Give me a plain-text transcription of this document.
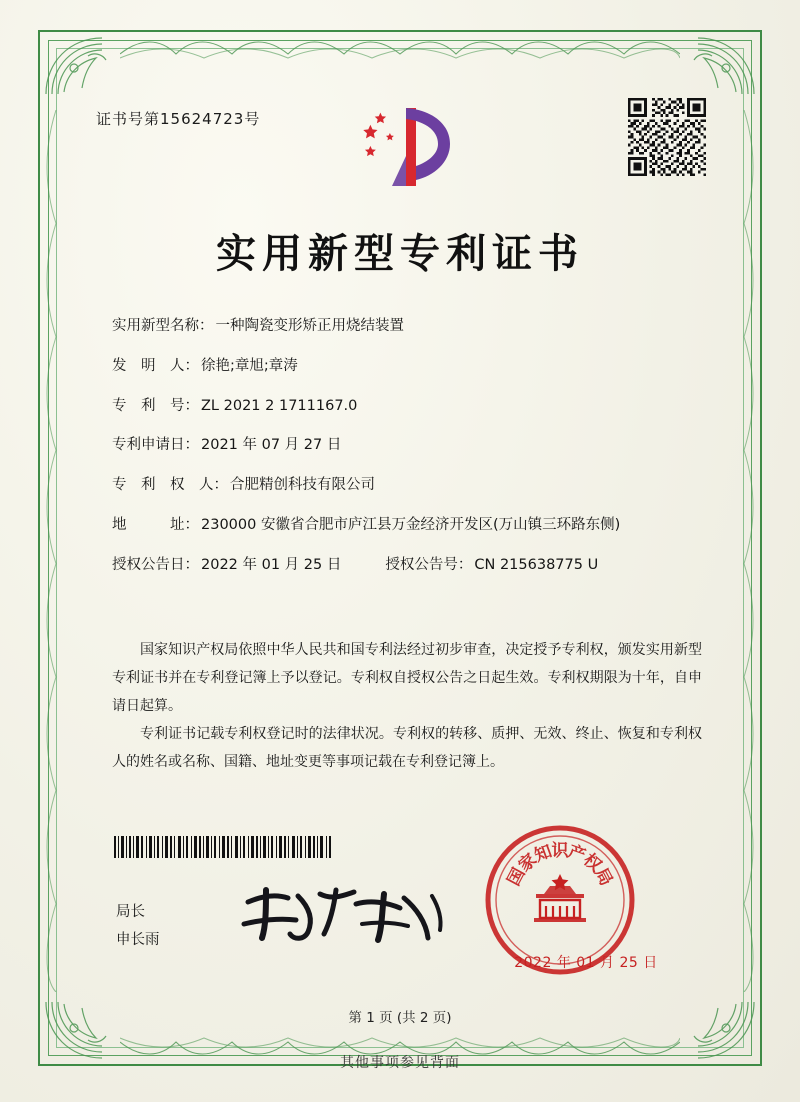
证书号第15624723号
实用新型专利证书
实用新型名称： 一种陶瓷变形矫正用烧结装置
发　明　人： 徐艳;章旭;章涛
专　利　号： ZL 2021 2 1711167.0
专利申请日： 2021 年 07 月 27 日
专　利　权　人： 合肥精创科技有限公司
地　　　址： 230000 安徽省合肥市庐江县万金经济开发区(万山镇三环路东侧)
授权公告日： 2022 年 01 月 25 日	授权公告号： CN 215638775 U

国家知识产权局依照中华人民共和国专利法经过初步审查，决定授予专利权，颁发实用新型专利证书并在专利登记簿上予以登记。专利权自授权公告之日起生效。专利权期限为十年，自申请日起算。

专利证书记载专利权登记时的法律状况。专利权的转移、质押、无效、终止、恢复和专利权人的姓名或名称、国籍、地址变更等事项记载在专利登记簿上。

局长
申长雨
国
家
知
识
产
权
局
2022 年 01 月 25 日
第 1 页 (共 2 页)
其他事项参见背面
